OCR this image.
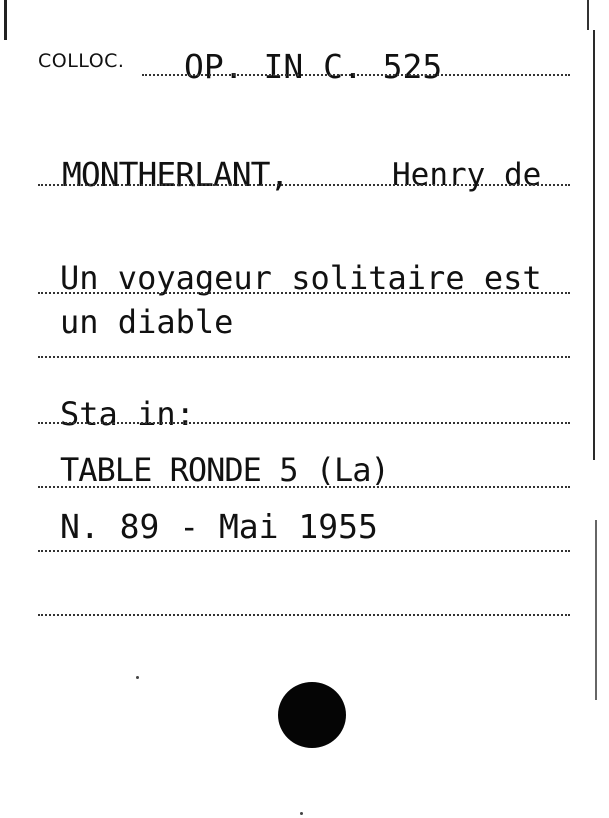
COLLOC. OP. IN C. 525
MONTHERLANT,	Henry de
Un voyageur solitaire est
un diable
Sta in:
TABLE RONDE 5 (La)
N. 89 - Mai 1955
